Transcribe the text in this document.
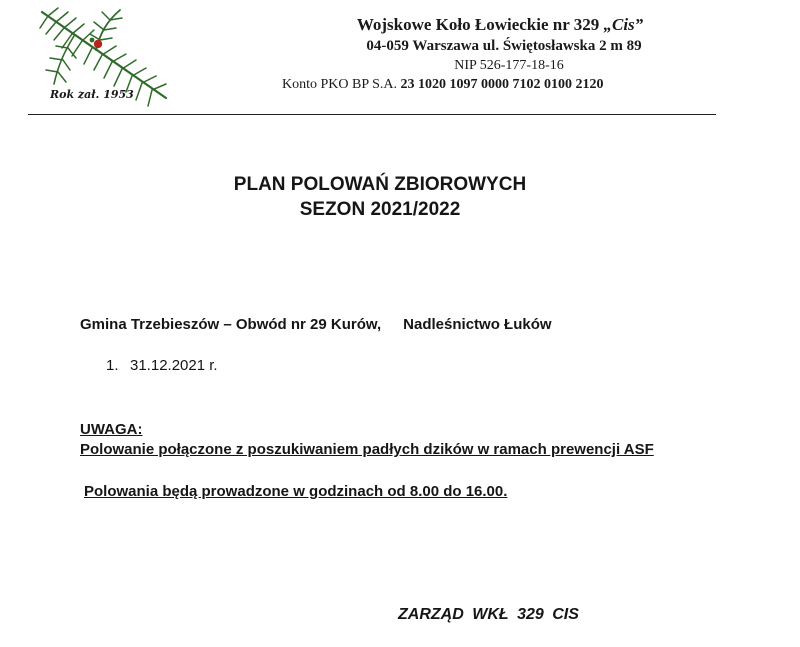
Rok zał. 1953
Wojskowe Koło Łowieckie nr 329 „Cis”
04-059 Warszawa ul. Świętosławska 2 m 89
NIP 526-177-18-16
Konto PKO BP S.A. 23 1020 1097 0000 7102 0100 2120
PLAN POLOWAŃ ZBIOROWYCH
SEZON 2021/2022
Gmina Trzebieszów – Obwód nr 29 Kurów, Nadleśnictwo Łuków
1. 31.12.2021 r.
UWAGA:
Polowanie połączone z poszukiwaniem padłych dzików w ramach prewencji ASF
Polowania będą prowadzone w godzinach od 8.00 do 16.00.
ZARZĄD WKŁ 329 CIS
